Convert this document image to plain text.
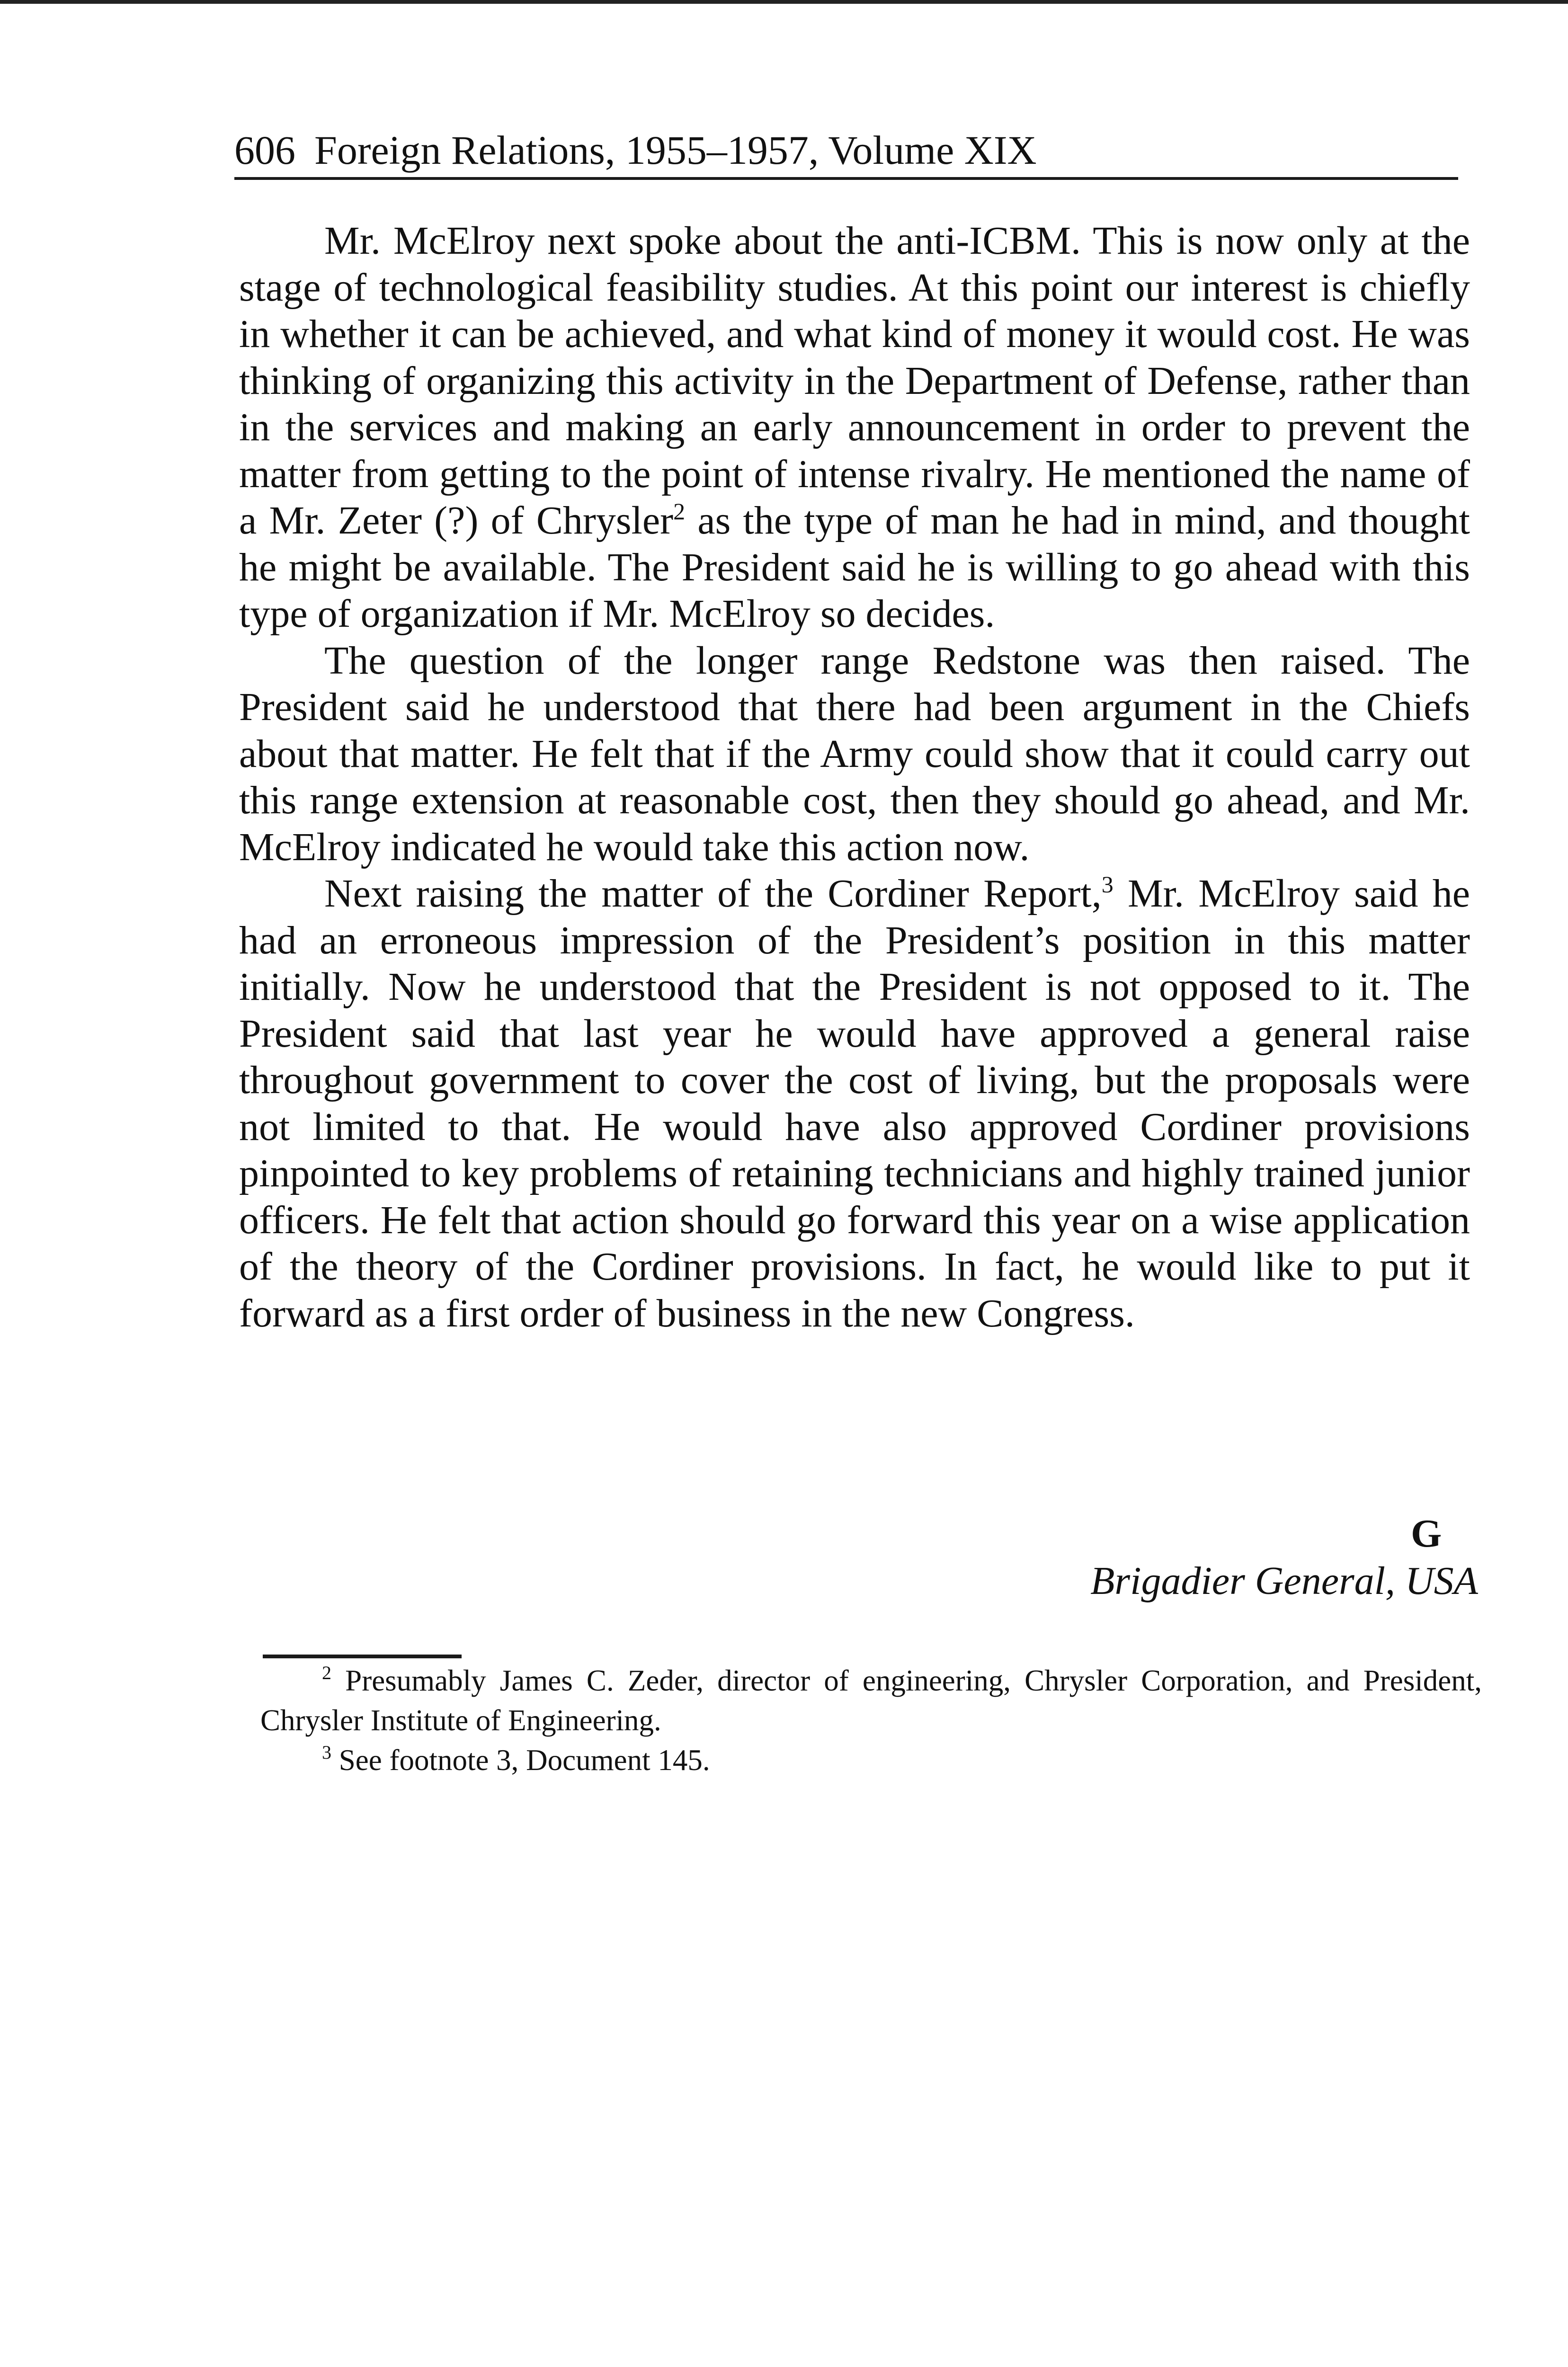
606 Foreign Relations, 1955–1957, Volume XIX

Mr. McElroy next spoke about the anti-ICBM. This is now only at the stage of technological feasibility studies. At this point our interest is chiefly in whether it can be achieved, and what kind of money it would cost. He was thinking of organizing this activity in the Department of Defense, rather than in the services and making an early announcement in order to prevent the matter from getting to the point of intense rivalry. He mentioned the name of a Mr. Zeter (?) of Chrysler$^2$ as the type of man he had in mind, and thought he might be available. The President said he is willing to go ahead with this type of organization if Mr. McElroy so decides.

The question of the longer range Redstone was then raised. The President said he understood that there had been argument in the Chiefs about that matter. He felt that if the Army could show that it could carry out this range extension at reasonable cost, then they should go ahead, and Mr. McElroy indicated he would take this action now.

Next raising the matter of the Cordiner Report,$^3$ Mr. McElroy said he had an erroneous impression of the President’s position in this matter initially. Now he understood that the President is not opposed to it. The President said that last year he would have approved a general raise throughout government to cover the cost of living, but the proposals were not limited to that. He would have also approved Cordiner provisions pinpointed to key problems of retaining technicians and highly trained junior officers. He felt that action should go forward this year on a wise application of the theory of the Cordiner provisions. In fact, he would like to put it forward as a first order of business in the new Congress.

G
Brigadier General, USA

$^2$ Presumably James C. Zeder, director of engineering, Chrysler Corporation, and President, Chrysler Institute of Engineering.

$^3$ See footnote 3, Document 145.
